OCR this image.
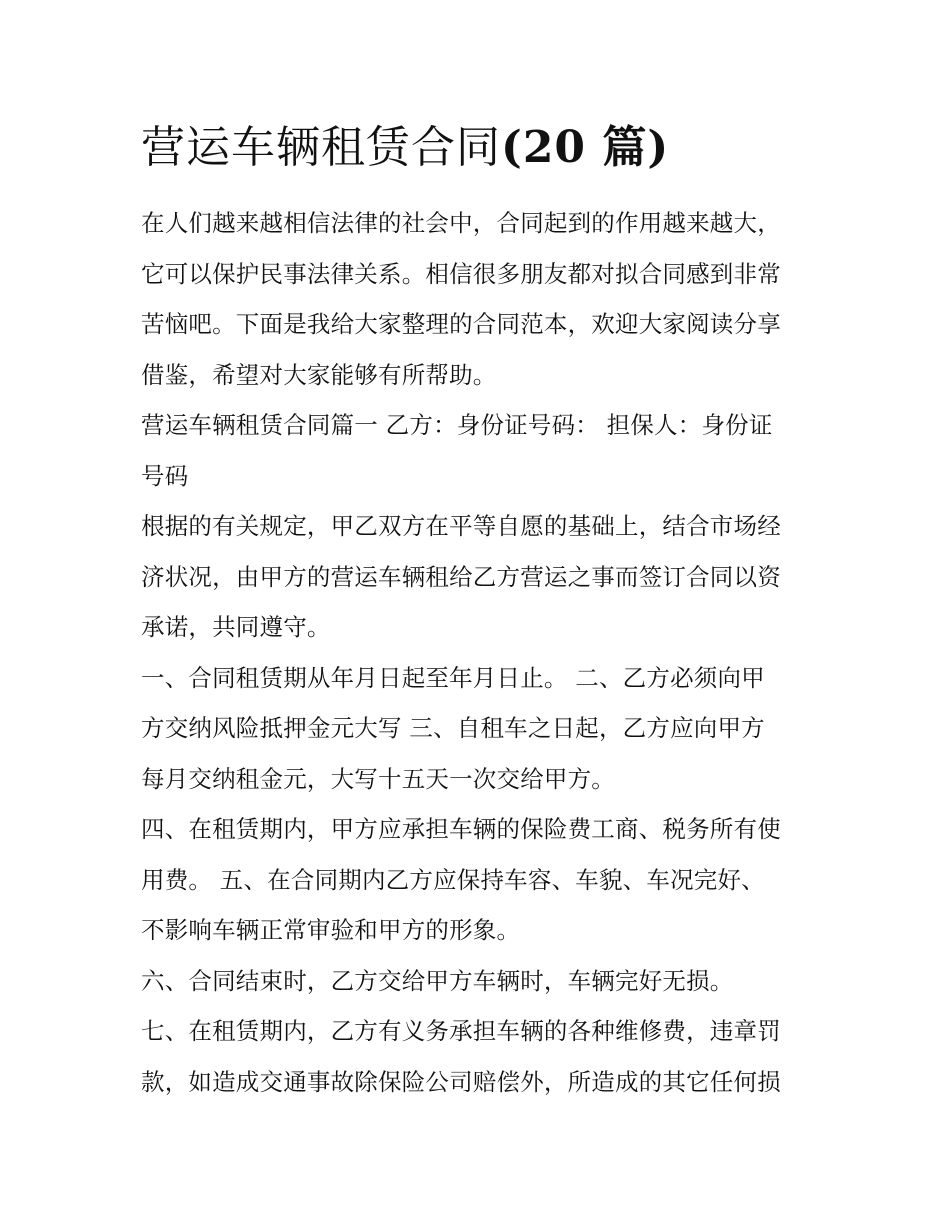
营运车辆租赁合同(20 篇)

在人们越来越相信法律的社会中，合同起到的作用越来越大，
它可以保护民事法律关系。相信很多朋友都对拟合同感到非常
苦恼吧。下面是我给大家整理的合同范本，欢迎大家阅读分享
借鉴，希望对大家能够有所帮助。

营运车辆租赁合同篇一 乙方：身份证号码： 担保人：身份证
号码

根据的有关规定，甲乙双方在平等自愿的基础上，结合市场经
济状况，由甲方的营运车辆租给乙方营运之事而签订合同以资
承诺，共同遵守。

一、合同租赁期从年月日起至年月日止。 二、乙方必须向甲
方交纳风险抵押金元大写 三、自租车之日起，乙方应向甲方
每月交纳租金元，大写十五天一次交给甲方。

四、在租赁期内，甲方应承担车辆的保险费工商、税务所有使
用费。 五、在合同期内乙方应保持车容、车貌、车况完好、
不影响车辆正常审验和甲方的形象。

六、合同结束时，乙方交给甲方车辆时，车辆完好无损。

七、在租赁期内，乙方有义务承担车辆的各种维修费，违章罚
款，如造成交通事故除保险公司赔偿外，所造成的其它任何损
